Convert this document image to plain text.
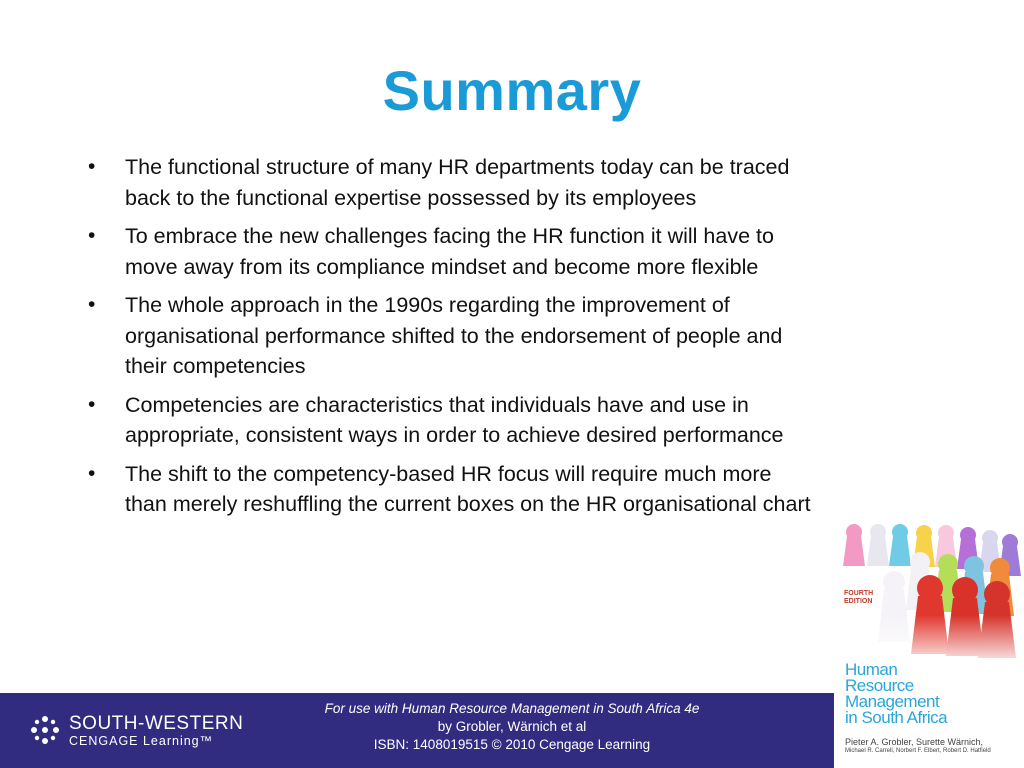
Summary
•	The functional structure of many HR departments today can be traced back to the functional expertise possessed by its employees
•	To embrace the new challenges facing the HR function it will have to move away from its compliance mindset and become more flexible
•	The whole approach in the 1990s regarding the improvement of organisational performance shifted to the endorsement of people and their competencies
•	Competencies are characteristics that individuals have and use in appropriate, consistent ways in order to achieve desired performance
•	The shift to the competency-based HR focus will require much more than merely reshuffling the current boxes on the HR organisational chart
SOUTH-WESTERN
CENGAGE Learning™
For use with Human Resource Management in South Africa 4e
by Grobler, Wärnich et al
ISBN: 1408019515 © 2010 Cengage Learning
FOURTH
EDITION
Human
Resource
Management
in South Africa
Pieter A. Grobler, Surette Wärnich,
Michael R. Carrell, Norbert F. Elbert, Robert D. Hatfield
